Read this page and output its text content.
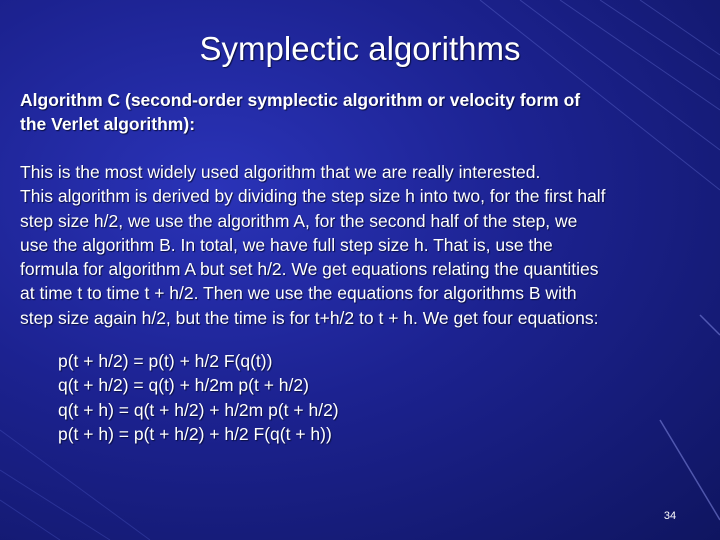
Symplectic algorithms
Algorithm C (second-order symplectic algorithm or velocity form of
the Verlet algorithm):
This is the most widely used algorithm that we are really interested.
This algorithm is derived by dividing the step size h into two, for the first half
step size h/2, we use the algorithm A, for the second half of the step, we
use the algorithm B. In total, we have full step size h. That is, use the
formula for algorithm A but set h/2. We get equations relating the quantities
at time t to time t + h/2. Then we use the equations for algorithms B with
step size again h/2, but the time is for t+h/2 to t + h. We get four equations:
p(t + h/2) = p(t) + h/2 F(q(t))
q(t + h/2) = q(t) + h/2m p(t + h/2)
q(t + h) = q(t + h/2) + h/2m p(t + h/2)
p(t + h) = p(t + h/2) + h/2 F(q(t + h))
34
